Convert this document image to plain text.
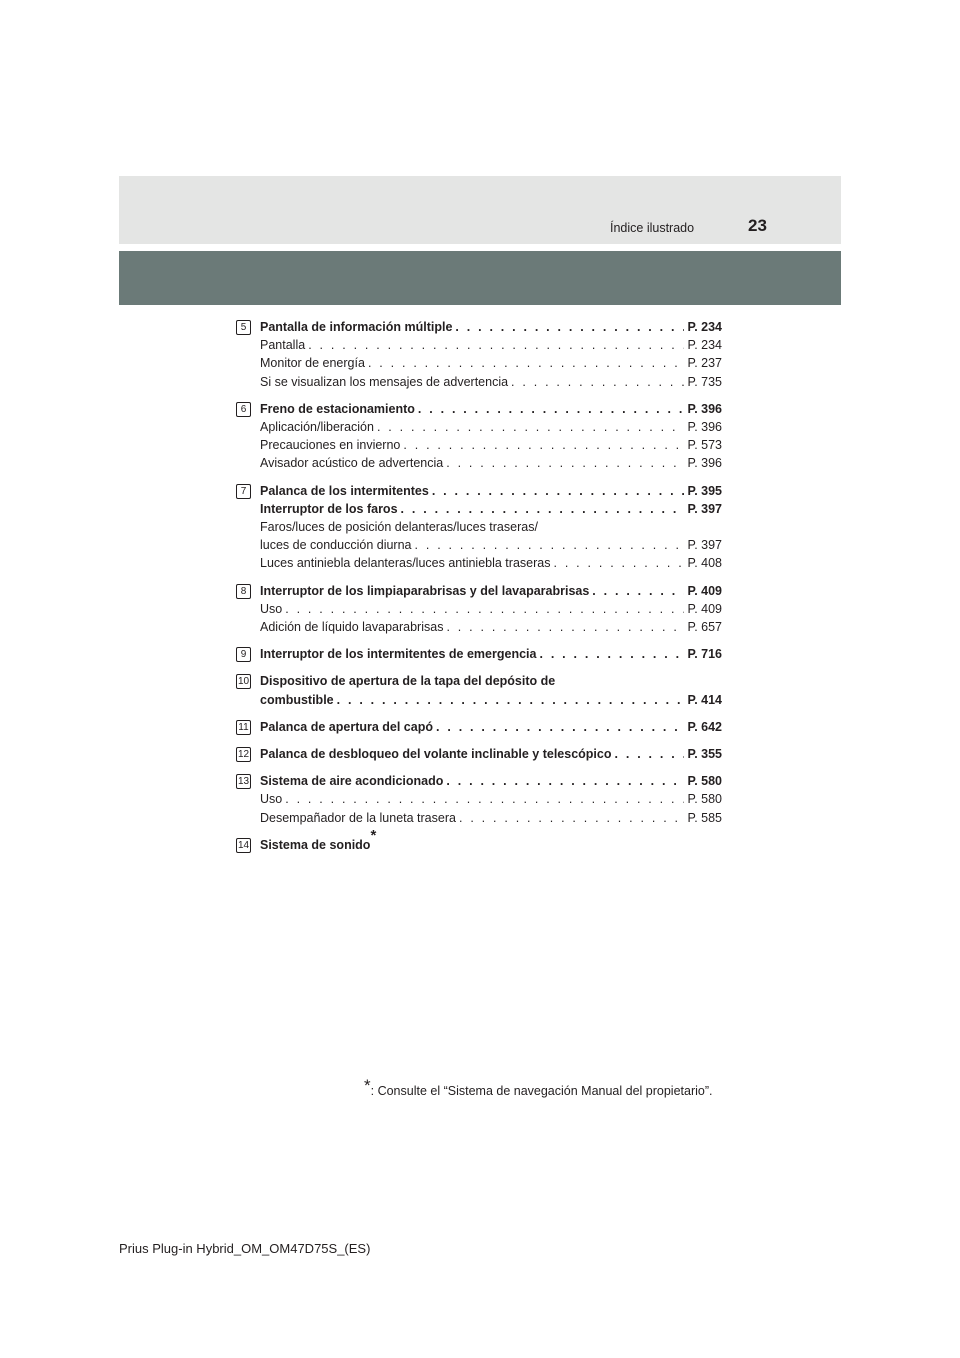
Índice ilustrado	23
5	Pantalla de información múltiple . . .	P. 234
Pantalla . . .	P. 234
Monitor de energía . . .	P. 237
Si se visualizan los mensajes de advertencia . . .	P. 735
6	Freno de estacionamiento . . .	P. 396
Aplicación/liberación . . .	P. 396
Precauciones en invierno . . .	P. 573
Avisador acústico de advertencia . . .	P. 396
7	Palanca de los intermitentes . . .	P. 395
Interruptor de los faros . . .	P. 397
Faros/luces de posición delanteras/luces traseras/
luces de conducción diurna . . .	P. 397
Luces antiniebla delanteras/luces antiniebla traseras . . .	P. 408
8	Interruptor de los limpiaparabrisas y del lavaparabrisas . . .	P. 409
Uso . . .	P. 409
Adición de líquido lavaparabrisas . . .	P. 657
9	Interruptor de los intermitentes de emergencia . . .	P. 716
10 Dispositivo de apertura de la tapa del depósito de
combustible . . .	P. 414
11 Palanca de apertura del capó . . .	P. 642
12 Palanca de desbloqueo del volante inclinable y telescópico . . .	P. 355
13 Sistema de aire acondicionado . . .	P. 580
Uso . . .	P. 580
Desempañador de la luneta trasera . . .	P. 585
14 Sistema de sonido
*
*: Consulte el “Sistema de navegación Manual del propietario”.
Prius Plug-in Hybrid_OM_OM47D75S_(ES)
